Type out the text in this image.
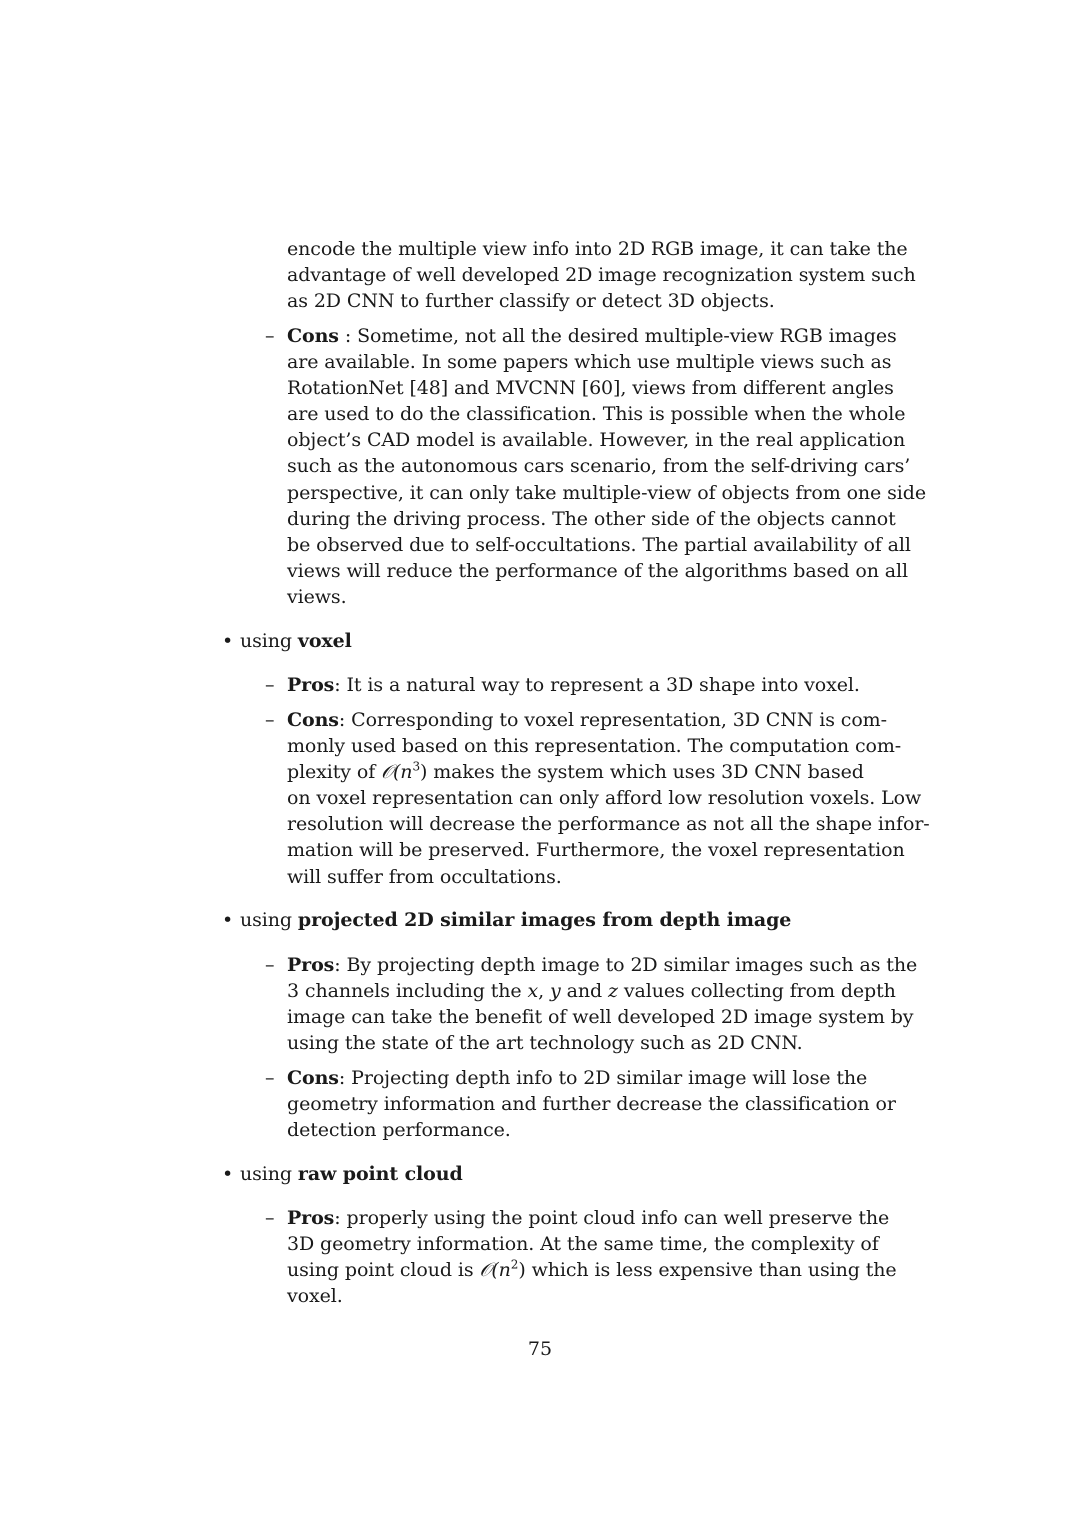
encode the multiple view info into 2D RGB image, it can take the
advantage of well developed 2D image recognization system such
as 2D CNN to further classify or detect 3D objects.
– Cons : Sometime, not all the desired multiple-view RGB images
are available. In some papers which use multiple views such as
RotationNet [48] and MVCNN [60], views from different angles
are used to do the classification. This is possible when the whole
object’s CAD model is available. However, in the real application
such as the autonomous cars scenario, from the self-driving cars’
perspective, it can only take multiple-view of objects from one side
during the driving process. The other side of the objects cannot
be observed due to self-occultations. The partial availability of all
views will reduce the performance of the algorithms based on all
views.
• using voxel
– Pros: It is a natural way to represent a 3D shape into voxel.
– Cons: Corresponding to voxel representation, 3D CNN is com-
monly used based on this representation. The computation com-
plexity of $𝒪(n^3)$ makes the system which uses 3D CNN based
on voxel representation can only afford low resolution voxels. Low
resolution will decrease the performance as not all the shape infor-
mation will be preserved. Furthermore, the voxel representation
will suffer from occultations.
• using projected 2D similar images from depth image
– Pros: By projecting depth image to 2D similar images such as the
3 channels including the x, y and z values collecting from depth
image can take the benefit of well developed 2D image system by
using the state of the art technology such as 2D CNN.
– Cons: Projecting depth info to 2D similar image will lose the
geometry information and further decrease the classification or
detection performance.
• using raw point cloud
– Pros: properly using the point cloud info can well preserve the
3D geometry information. At the same time, the complexity of
using point cloud is $𝒪(n^2)$ which is less expensive than using the
voxel.
75
